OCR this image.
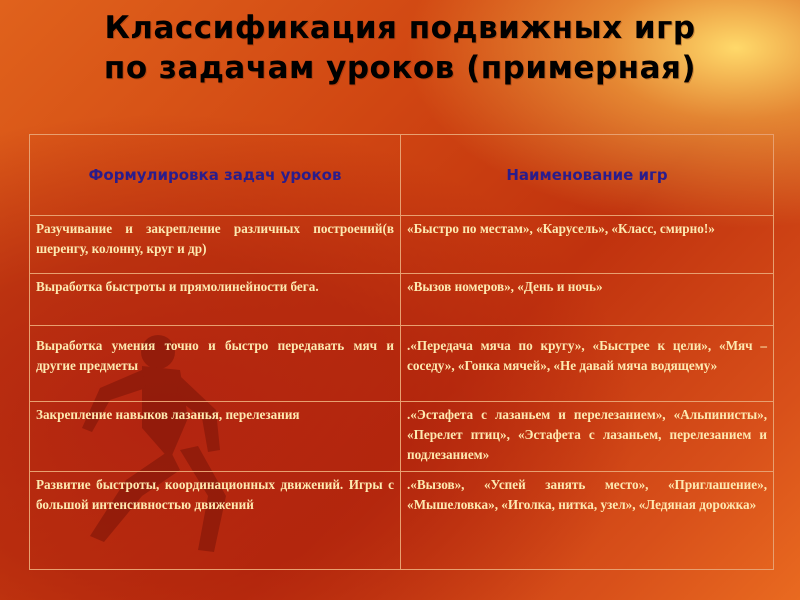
Классификация подвижных игр
по задачам уроков (примерная)
Формулировка задач уроков	Наименование игр
Разучивание и закрепление различных построений(в шеренгу, колонну, круг и др)	«Быстро по местам», «Карусель», «Класс, смирно!»
Выработка быстроты и прямолинейности бега.	«Вызов номеров», «День и ночь»
Выработка умения точно и быстро передавать мяч и другие предметы	.«Передача мяча по кругу», «Быстрее к цели», «Мяч – соседу», «Гонка мячей», «Не давай мяча водящему»
Закрепление навыков лазанья, перелезания	.«Эстафета с лазаньем и перелезанием», «Альпинисты», «Перелет птиц», «Эстафета с лазаньем, перелезанием и подлезанием»
Развитие быстроты, координационных движений. Игры с большой интенсивностью движений	.«Вызов», «Успей занять место», «Приглашение», «Мышеловка», «Иголка, нитка, узел», «Ледяная дорожка»
